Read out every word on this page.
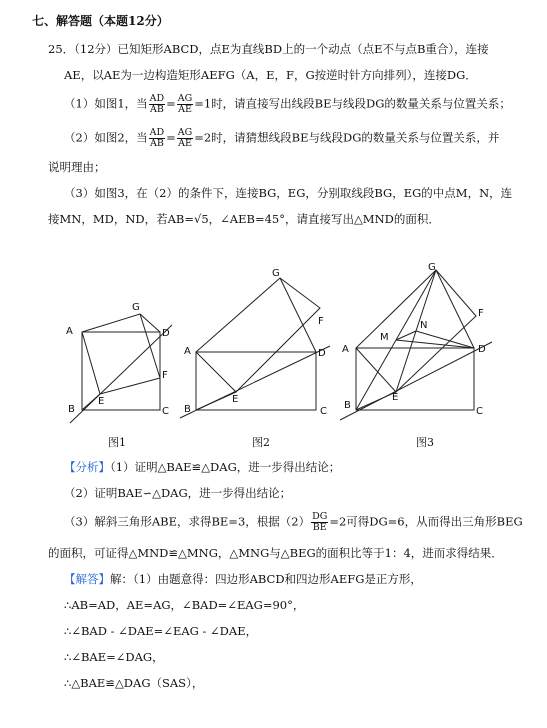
七、解答题（本题12分）
25．（12分）已知矩形ABCD，点E为直线BD上的一个动点（点E不与点B重合），连接
AE，以AE为一边构造矩形AEFG（A，E，F，G按逆时针方向排列），连接DG．
（1）如图1，当 $\frac{AD}{AB} = \frac{AG}{AE} =1$时，请直接写出线段BE与线段DG的数量关系与位置关系；
（2）如图2，当 $\frac{AD}{AB} = \frac{AG}{AE} =2$时，请猜想线段BE与线段DG的数量关系与位置关系，并
说明理由；
（3）如图3，在（2）的条件下，连接BG，EG，分别取线段BG，EG的中点M，N，连
接MN，MD，ND，若AB=√5，∠AEB=45°，请直接写出△MND的面积．
A
B	C
D
E
F
G
图1
A
B	C
D
E
F
G
图2
A
B
C
D
E
F
G
M
N
图3
【分析】（1）证明△BAE≌△DAG，进一步得出结论；
（2）证明BAE∽△DAG，进一步得出结论；
（3）解斜三角形ABE，求得BE=3，根据$(2) \frac{DG}{BE} =2$可得DG=6，从而得出三角形BEG
的面积，可证得△MND≌△MNG，△MNG与△BEG的面积比等于1：4，进而求得结果．
【解答】解：（1）由题意得：四边形ABCD和四边形AEFG是正方形，
∴AB=AD，AE=AG，∠BAD=∠EAG=90°，
∴∠BAD - ∠DAE=∠EAG - ∠DAE，
∴∠BAE=∠DAG，
∴△BAE≌△DAG（SAS），
